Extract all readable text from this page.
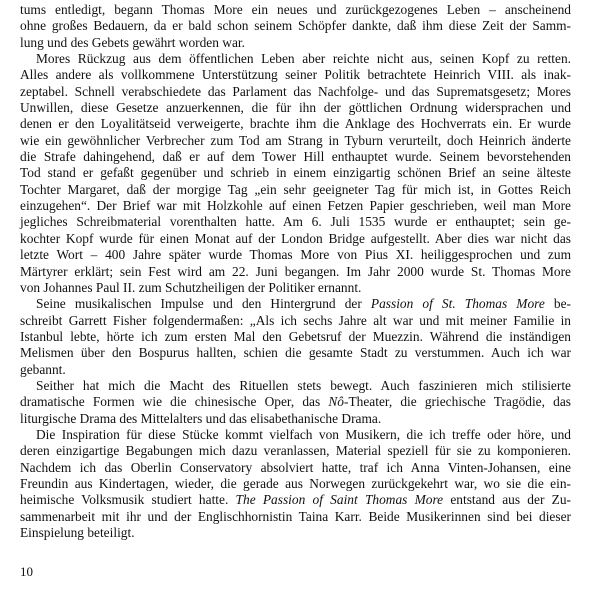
tums entledigt, begann Thomas More ein neues und zurückgezogenes Leben – anscheinend
ohne großes Bedauern, da er bald schon seinem Schöpfer dankte, daß ihm diese Zeit der Samm-
lung und des Gebets gewährt worden war.
Mores Rückzug aus dem öffentlichen Leben aber reichte nicht aus, seinen Kopf zu retten.
Alles andere als vollkommene Unterstützung seiner Politik betrachtete Heinrich VIII. als inak-
zeptabel. Schnell verabschiedete das Parlament das Nachfolge- und das Suprematsgesetz; Mores
Unwillen, diese Gesetze anzuerkennen, die für ihn der göttlichen Ordnung widersprachen und
denen er den Loyalitätseid verweigerte, brachte ihm die Anklage des Hochverrats ein. Er wurde
wie ein gewöhnlicher Verbrecher zum Tod am Strang in Tyburn verurteilt, doch Heinrich änderte
die Strafe dahingehend, daß er auf dem Tower Hill enthauptet wurde. Seinem bevorstehenden
Tod stand er gefaßt gegenüber und schrieb in einem einzigartig schönen Brief an seine älteste
Tochter Margaret, daß der morgige Tag „ein sehr geeigneter Tag für mich ist, in Gottes Reich
einzugehen“. Der Brief war mit Holzkohle auf einen Fetzen Papier geschrieben, weil man More
jegliches Schreibmaterial vorenthalten hatte. Am 6. Juli 1535 wurde er enthauptet; sein ge-
kochter Kopf wurde für einen Monat auf der London Bridge aufgestellt. Aber dies war nicht das
letzte Wort – 400 Jahre später wurde Thomas More von Pius XI. heiliggesprochen und zum
Märtyrer erklärt; sein Fest wird am 22. Juni begangen. Im Jahr 2000 wurde St. Thomas More
von Johannes Paul II. zum Schutzheiligen der Politiker ernannt.
Seine musikalischen Impulse und den Hintergrund der Passion of St. Thomas More be-
schreibt Garrett Fisher folgendermaßen: „Als ich sechs Jahre alt war und mit meiner Familie in
Istanbul lebte, hörte ich zum ersten Mal den Gebetsruf der Muezzin. Während die inständigen
Melismen über den Bospurus hallten, schien die gesamte Stadt zu verstummen. Auch ich war
gebannt.
Seither hat mich die Macht des Rituellen stets bewegt. Auch faszinieren mich stilisierte
dramatische Formen wie die chinesische Oper, das Nô-Theater, die griechische Tragödie, das
liturgische Drama des Mittelalters und das elisabethanische Drama.
Die Inspiration für diese Stücke kommt vielfach von Musikern, die ich treffe oder höre, und
deren einzigartige Begabungen mich dazu veranlassen, Material speziell für sie zu komponieren.
Nachdem ich das Oberlin Conservatory absolviert hatte, traf ich Anna Vinten-Johansen, eine
Freundin aus Kindertagen, wieder, die gerade aus Norwegen zurückgekehrt war, wo sie die ein-
heimische Volksmusik studiert hatte. The Passion of Saint Thomas More entstand aus der Zu-
sammenarbeit mit ihr und der Englischhornistin Taina Karr. Beide Musikerinnen sind bei dieser
Einspielung beteiligt.
10
